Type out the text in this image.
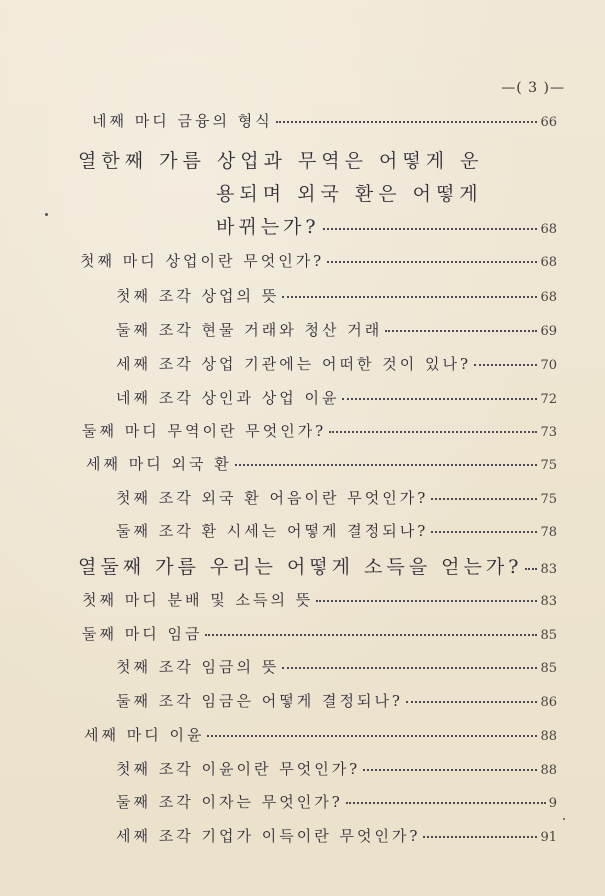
—( 3 )—
네째 마디 금융의 형식	66
열한째 가름 상업과 무역은 어떻게 운
용되며 외국 환은 어떻게
바뀌는가?	68
첫째 마디 상업이란 무엇인가?	68
첫째 조각 상업의 뜻	68
둘째 조각 현물 거래와 청산 거래	69
세째 조각 상업 기관에는 어떠한 것이 있나?	70
네째 조각 상인과 상업 이윤	72
둘째 마디 무역이란 무엇인가?	73
세째 마디 외국 환	75
첫째 조각 외국 환 어음이란 무엇인가?	75
둘째 조각 환 시세는 어떻게 결정되나?	78
열둘째 가름 우리는 어떻게 소득을 얻는가? 83
첫째 마디 분배 및 소득의 뜻	83
둘째 마디 임금	85
첫째 조각 임금의 뜻	85
둘째 조각 임금은 어떻게 결정되나?	86
세째 마디 이윤	88
첫째 조각 이윤이란 무엇인가?	88
둘째 조각 이자는 무엇인가?	9
세째 조각 기업가 이득이란 무엇인가?	91
